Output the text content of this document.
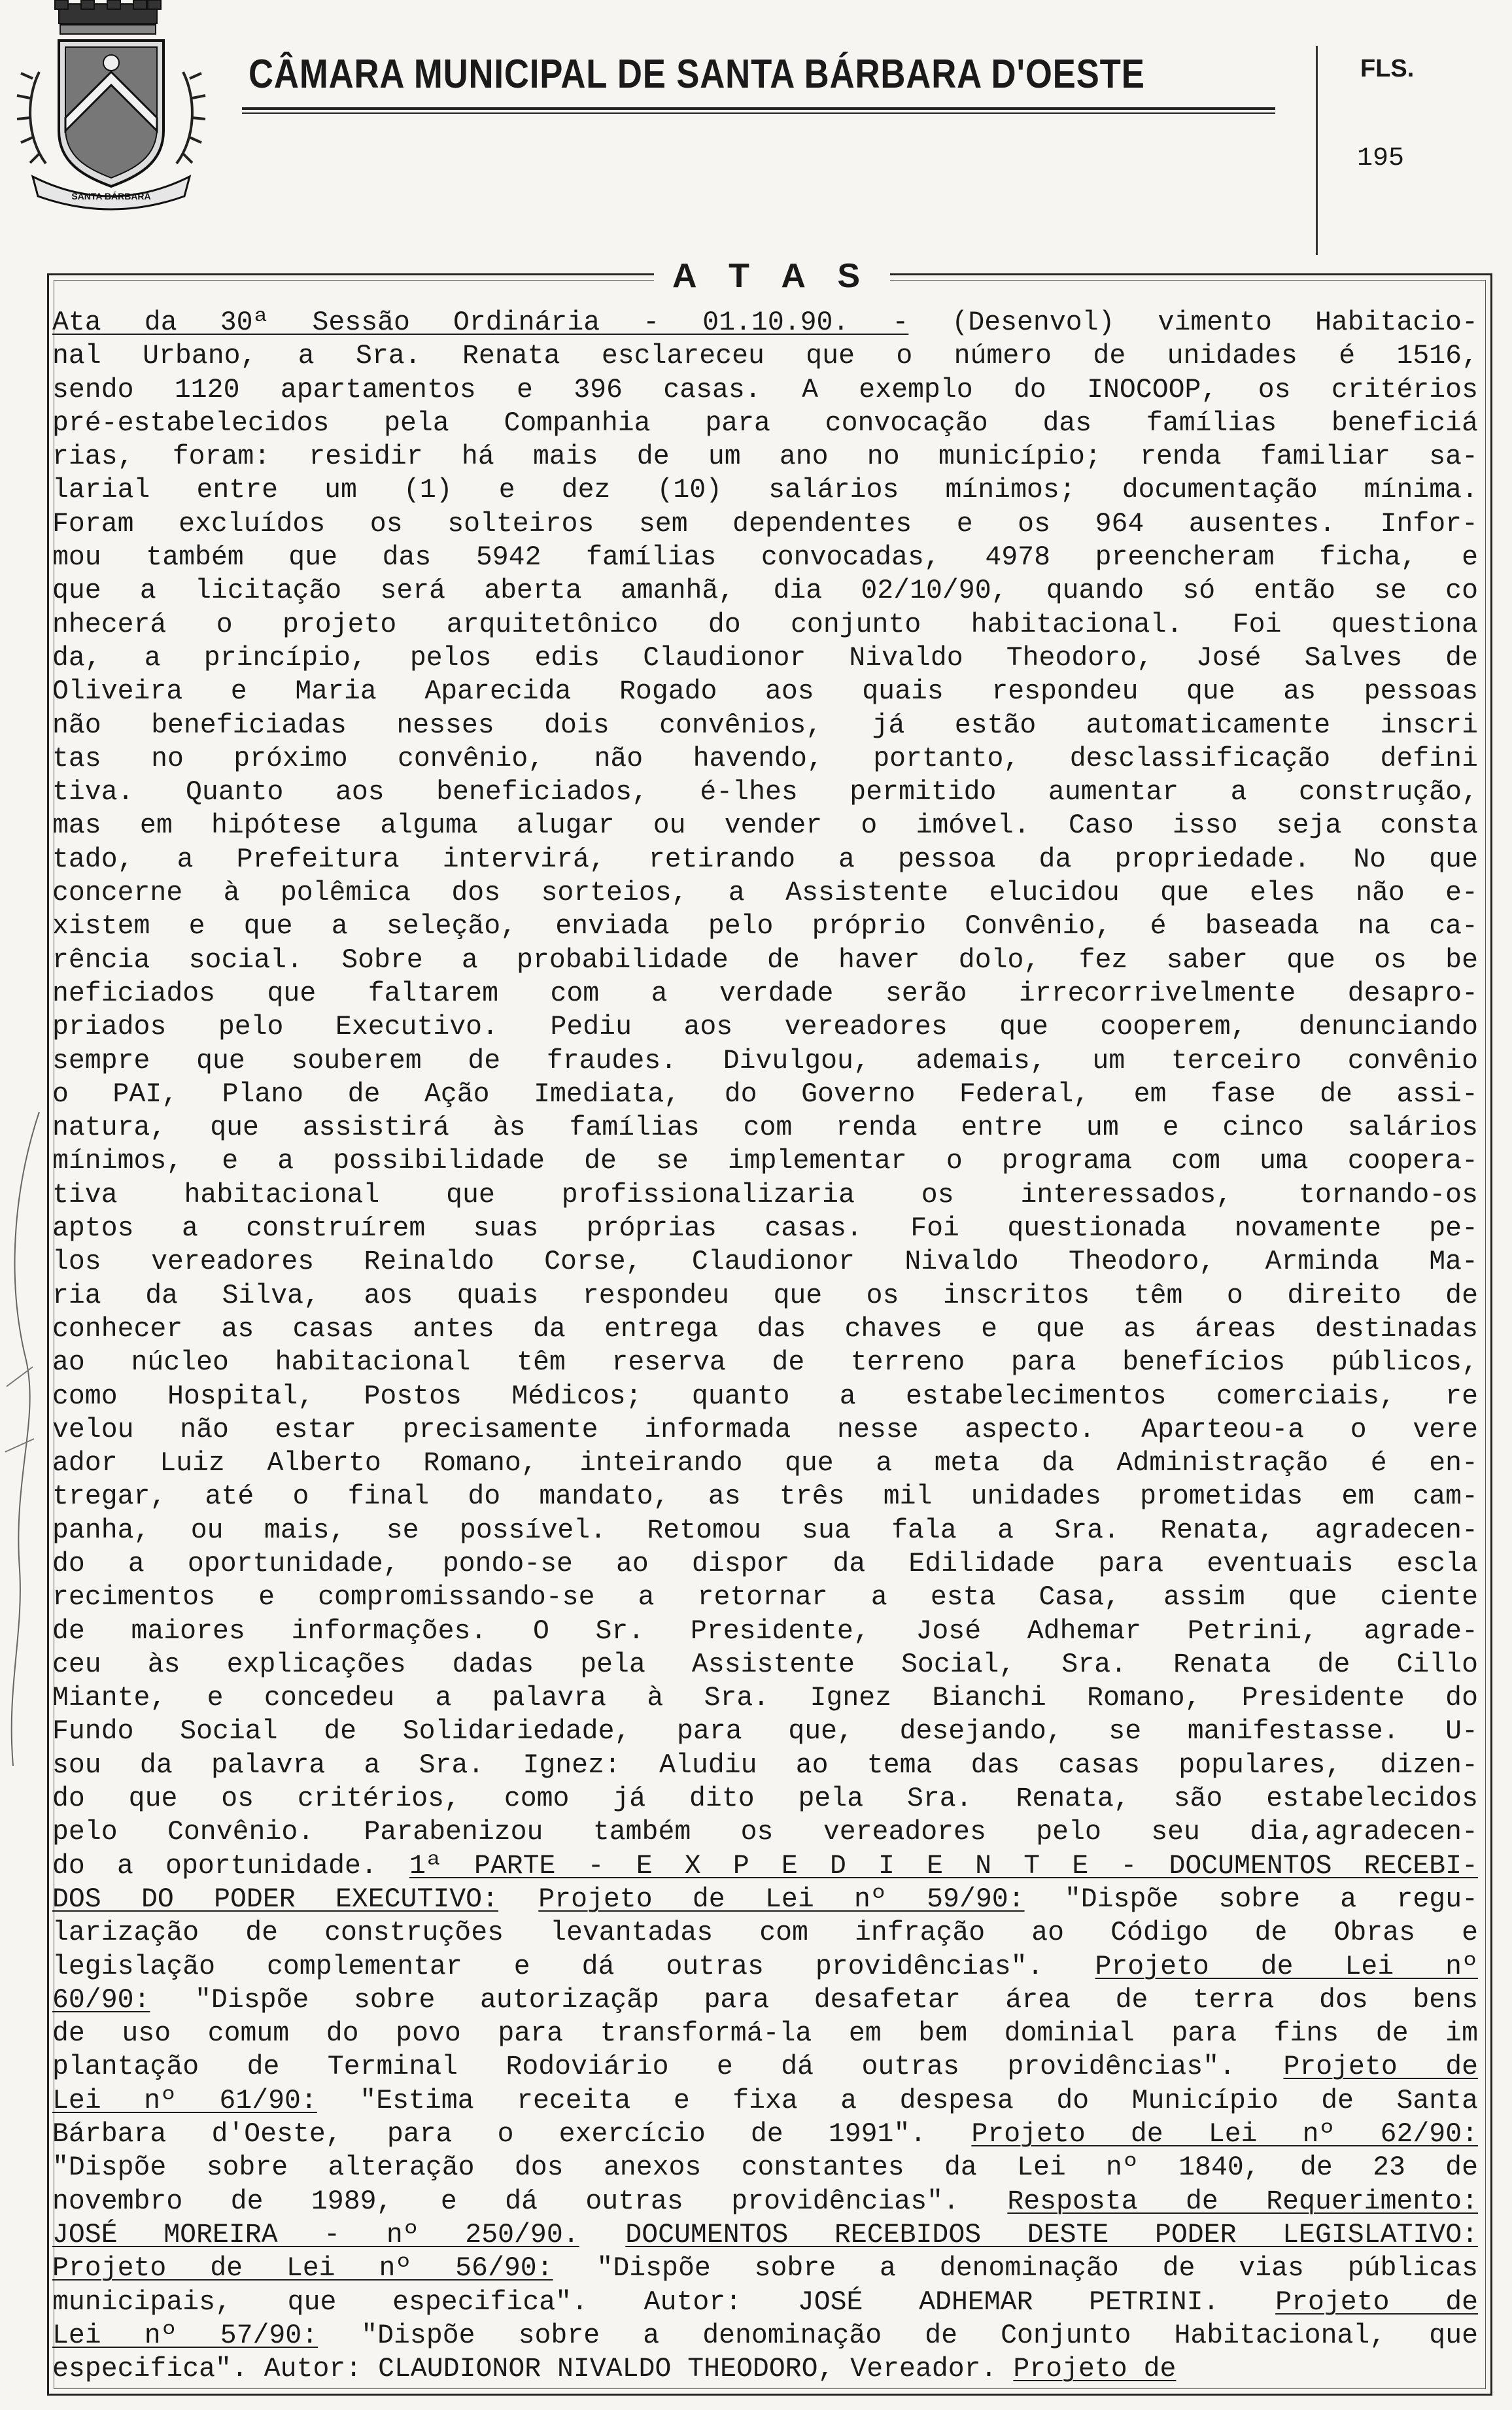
SANTA BÁRBARA
CÂMARA MUNICIPAL DE SANTA BÁRBARA D'OESTE	FLS.
195
A T A S
Ata da 30ª Sessão Ordinária - 01.10.90. - (Desenvol) vimento Habitacio-
nal Urbano, a Sra. Renata esclareceu que o número de unidades é 1516,
sendo 1120 apartamentos e 396 casas. A exemplo do INOCOOP, os critérios
pré-estabelecidos pela Companhia para convocação das famílias beneficiá
rias, foram: residir há mais de um ano no município; renda familiar sa-
larial entre um (1) e dez (10) salários mínimos; documentação mínima.
Foram excluídos os solteiros sem dependentes e os 964 ausentes. Infor-
mou também que das 5942 famílias convocadas, 4978 preencheram ficha, e
que a licitação será aberta amanhã, dia 02/10/90, quando só então se co
nhecerá o projeto arquitetônico do conjunto habitacional. Foi questiona
da, a princípio, pelos edis Claudionor Nivaldo Theodoro, José Salves de
Oliveira e Maria Aparecida Rogado aos quais respondeu que as pessoas
não beneficiadas nesses dois convênios, já estão automaticamente inscri
tas no próximo convênio, não havendo, portanto, desclassificação defini
tiva. Quanto aos beneficiados, é-lhes permitido aumentar a construção,
mas em hipótese alguma alugar ou vender o imóvel. Caso isso seja consta
tado, a Prefeitura intervirá, retirando a pessoa da propriedade. No que
concerne à polêmica dos sorteios, a Assistente elucidou que eles não e-
xistem e que a seleção, enviada pelo próprio Convênio, é baseada na ca-
rência social. Sobre a probabilidade de haver dolo, fez saber que os be
neficiados que faltarem com a verdade serão irrecorrivelmente desapro-
priados pelo Executivo. Pediu aos vereadores que cooperem, denunciando
sempre que souberem de fraudes. Divulgou, ademais, um terceiro convênio
o PAI, Plano de Ação Imediata, do Governo Federal, em fase de assi-
natura, que assistirá às famílias com renda entre um e cinco salários
mínimos, e a possibilidade de se implementar o programa com uma coopera-
tiva habitacional que profissionalizaria os interessados, tornando-os
aptos a construírem suas próprias casas. Foi questionada novamente pe-
los vereadores Reinaldo Corse, Claudionor Nivaldo Theodoro, Arminda Ma-
ria da Silva, aos quais respondeu que os inscritos têm o direito de
conhecer as casas antes da entrega das chaves e que as áreas destinadas
ao núcleo habitacional têm reserva de terreno para benefícios públicos,
como Hospital, Postos Médicos; quanto a estabelecimentos comerciais, re
velou não estar precisamente informada nesse aspecto. Aparteou-a o vere
ador Luiz Alberto Romano, inteirando que a meta da Administração é en-
tregar, até o final do mandato, as três mil unidades prometidas em cam-
panha, ou mais, se possível. Retomou sua fala a Sra. Renata, agradecen-
do a oportunidade, pondo-se ao dispor da Edilidade para eventuais escla
recimentos e compromissando-se a retornar a esta Casa, assim que ciente
de maiores informações. O Sr. Presidente, José Adhemar Petrini, agrade-
ceu às explicações dadas pela Assistente Social, Sra. Renata de Cillo
Miante, e concedeu a palavra à Sra. Ignez Bianchi Romano, Presidente do
Fundo Social de Solidariedade, para que, desejando, se manifestasse. U-
sou da palavra a Sra. Ignez: Aludiu ao tema das casas populares, dizen-
do que os critérios, como já dito pela Sra. Renata, são estabelecidos
pelo Convênio. Parabenizou também os vereadores pelo seu dia,agradecen-
do a oportunidade. 1ª PARTE - E X P E D I E N T E - DOCUMENTOS RECEBI-
DOS DO PODER EXECUTIVO: Projeto de Lei nº 59/90: "Dispõe sobre a regu-
larização de construções levantadas com infração ao Código de Obras e
legislação complementar e dá outras providências". Projeto de Lei nº
60/90: "Dispõe sobre autorizaçãp para desafetar área de terra dos bens
de uso comum do povo para transformá-la em bem dominial para fins de im
plantação de Terminal Rodoviário e dá outras providências". Projeto de
Lei nº 61/90: "Estima receita e fixa a despesa do Município de Santa
Bárbara d'Oeste, para o exercício de 1991". Projeto de Lei nº 62/90:
"Dispõe sobre alteração dos anexos constantes da Lei nº 1840, de 23 de
novembro de 1989, e dá outras providências". Resposta de Requerimento:
JOSÉ MOREIRA - nº 250/90. DOCUMENTOS RECEBIDOS DESTE PODER LEGISLATIVO:
Projeto de Lei nº 56/90: "Dispõe sobre a denominação de vias públicas
municipais, que especifica". Autor: JOSÉ ADHEMAR PETRINI. Projeto de
Lei nº 57/90: "Dispõe sobre a denominação de Conjunto Habitacional, que
especifica". Autor: CLAUDIONOR NIVALDO THEODORO, Vereador. Projeto de
